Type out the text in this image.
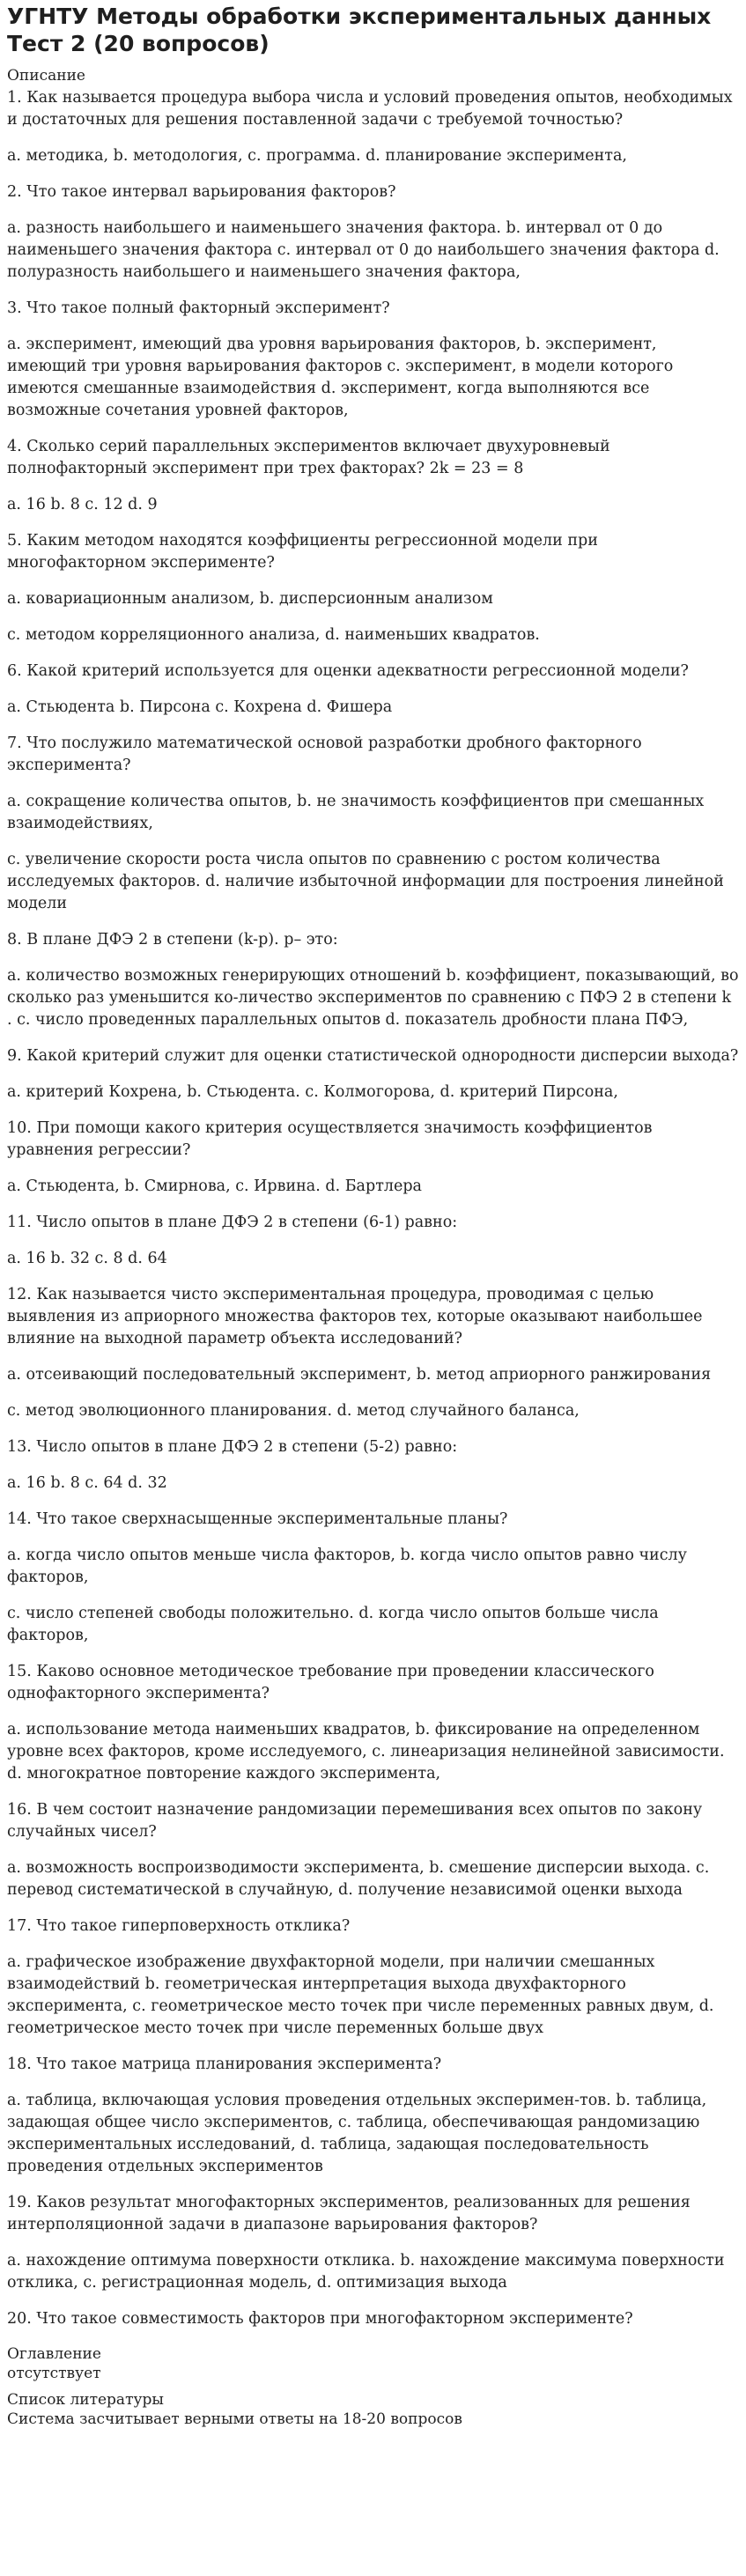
УГНТУ Методы обработки экспериментальных данных Тест 2 (20 вопросов)

Описание

1. Как называется процедура выбора числа и условий проведения опытов, необходимых и достаточных для решения поставленной задачи с требуемой точностью?

a. методика, b. методология, c. программа. d. планирование эксперимента,

2. Что такое интервал варьирования факторов?

a. разность наибольшего и наименьшего значения фактора. b. интервал от 0 до наименьшего значения фактора c. интервал от 0 до наибольшего значения фактора d. полуразность наибольшего и наименьшего значения фактора,

3. Что такое полный факторный эксперимент?

a. эксперимент, имеющий два уровня варьирования факторов, b. эксперимент, имеющий три уровня варьирования факторов c. эксперимент, в модели которого имеются смешанные взаимодействия d. эксперимент, когда выполняются все возможные сочетания уровней факторов,

4. Сколько серий параллельных экспериментов включает двухуровневый полнофакторный эксперимент при трех факторах? 2k = 23 = 8

a. 16 b. 8 c. 12 d. 9

5. Каким методом находятся коэффициенты регрессионной модели при многофакторном эксперименте?

a. ковариационным анализом, b. дисперсионным анализом

c. методом корреляционного анализа, d. наименьших квадратов.

6. Какой критерий используется для оценки адекватности регрессионной модели?

a. Стьюдента b. Пирсона c. Кохрена d. Фишера

7. Что послужило математической основой разработки дробного факторного эксперимента?

a. сокращение количества опытов, b. не значимость коэффициентов при смешанных взаимодействиях,

c. увеличение скорости роста числа опытов по сравнению с ростом количества исследуемых факторов. d. наличие избыточной информации для построения линейной модели

8. В плане ДФЭ 2 в степени (k-p). р– это:

a. количество возможных генерирующих отношений b. коэффициент, показывающий, во сколько раз уменьшится ко-личество экспериментов по сравнению с ПФЭ 2 в степени k . c. число проведенных параллельных опытов d. показатель дробности плана ПФЭ,

9. Какой критерий служит для оценки статистической однородности дисперсии выхода?

a. критерий Кохрена, b. Стьюдента. c. Колмогорова, d. критерий Пирсона,

10. При помощи какого критерия осуществляется значимость коэффициентов уравнения регрессии?

a. Стьюдента, b. Смирнова, c. Ирвина. d. Бартлера

11. Число опытов в плане ДФЭ 2 в степени (6-1) равно:

a. 16 b. 32 c. 8 d. 64

12. Как называется чисто экспериментальная процедура, проводимая с целью выявления из априорного множества факторов тех, которые оказывают наибольшее влияние на выходной параметр объекта исследований?

a. отсеивающий последовательный эксперимент, b. метод априорного ранжирования

c. метод эволюционного планирования. d. метод случайного баланса,

13. Число опытов в плане ДФЭ 2 в степени (5-2) равно:

a. 16 b. 8 c. 64 d. 32

14. Что такое сверхнасыщенные экспериментальные планы?

a. когда число опытов меньше числа факторов, b. когда число опытов равно числу факторов,

c. число степеней свободы положительно. d. когда число опытов больше числа факторов,

15. Каково основное методическое требование при проведении классического однофакторного эксперимента?

a. использование метода наименьших квадратов, b. фиксирование на определенном уровне всех факторов, кроме исследуемого, c. линеаризация нелинейной зависимости. d. многократное повторение каждого эксперимента,

16. В чем состоит назначение рандомизации перемешивания всех опытов по закону случайных чисел?

a. возможность воспроизводимости эксперимента, b. смешение дисперсии выхода. c. перевод систематической в случайную, d. получение независимой оценки выхода

17. Что такое гиперповерхность отклика?

a. графическое изображение двухфакторной модели, при наличии смешанных взаимодействий b. геометрическая интерпретация выхода двухфакторного эксперимента, c. геометрическое место точек при числе переменных равных двум, d. геометрическое место точек при числе переменных больше двух

18. Что такое матрица планирования эксперимента?

a. таблица, включающая условия проведения отдельных эксперимен-тов. b. таблица, задающая общее число экспериментов, c. таблица, обеспечивающая рандомизацию экспериментальных исследований, d. таблица, задающая последовательность проведения отдельных экспериментов

19. Каков результат многофакторных экспериментов, реализованных для решения интерполяционной задачи в диапазоне варьирования факторов?

a. нахождение оптимума поверхности отклика. b. нахождение максимума поверхности отклика, c. регистрационная модель, d. оптимизация выхода

20. Что такое совместимость факторов при многофакторном эксперименте?

Оглавление

отсутствует

Список литературы

Система засчитывает верными ответы на 18-20 вопросов
